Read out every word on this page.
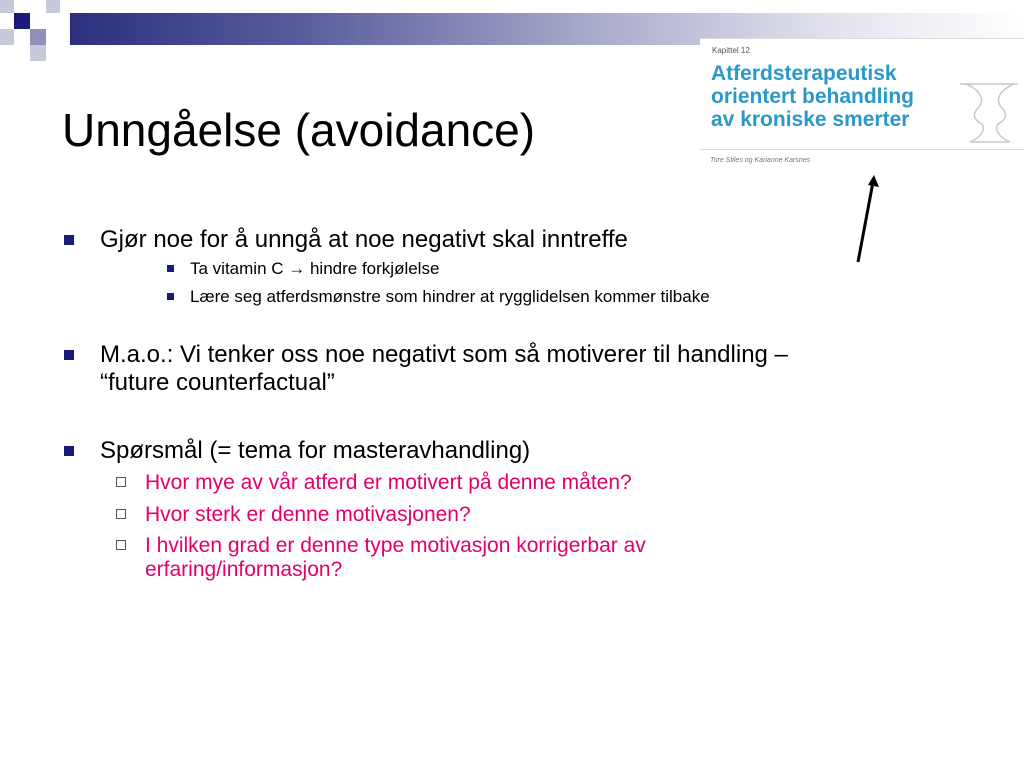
Unngåelse (avoidance)
Kapittel 12
Atferdsterapeutisk
orientert behandling
av kroniske smerter
Tore Stiles og Karianne Karsnes
Gjør noe for å unngå at noe negativt skal inntreffe
Ta vitamin C → hindre forkjølelse
Lære seg atferdsmønstre som hindrer at rygglidelsen kommer tilbake
M.a.o.: Vi tenker oss noe negativt som så motiverer til handling –
“future counterfactual”
Spørsmål (= tema for masteravhandling)
Hvor mye av vår atferd er motivert på denne måten?
Hvor sterk er denne motivasjonen?
I hvilken grad er denne type motivasjon korrigerbar av
erfaring/informasjon?
